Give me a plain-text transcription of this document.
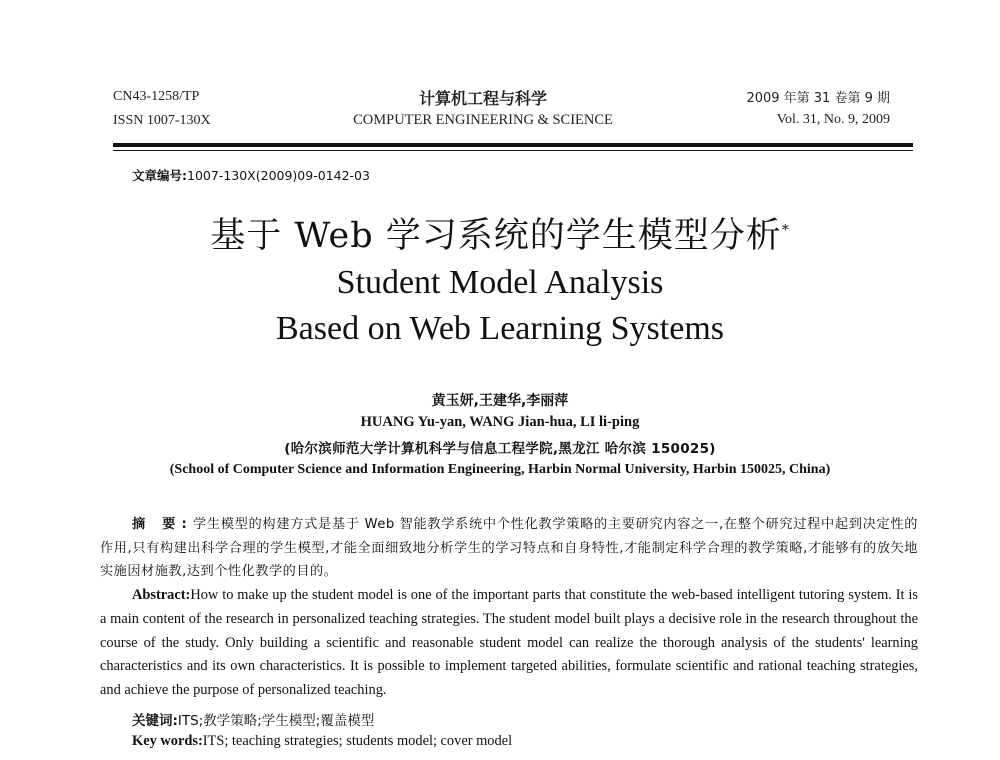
CN43-1258/TP
ISSN 1007-130X
计算机工程与科学
COMPUTER ENGINEERING & SCIENCE
2009 年第 31 卷第 9 期
Vol. 31, No. 9, 2009
文章编号:1007-130X(2009)09-0142-03
基于 Web 学习系统的学生模型分析*
Student Model Analysis
Based on Web Learning Systems
黄玉妍,王建华,李丽萍
HUANG Yu-yan, WANG Jian-hua, LI li-ping
(哈尔滨师范大学计算机科学与信息工程学院,黑龙江 哈尔滨 150025)
(School of Computer Science and Information Engineering, Harbin Normal University, Harbin 150025, China)
摘 要:学生模型的构建方式是基于 Web 智能教学系统中个性化教学策略的主要研究内容之一,在整个研究过程中起到决定性的作用,只有构建出科学合理的学生模型,才能全面细致地分析学生的学习特点和自身特性,才能制定科学合理的教学策略,才能够有的放矢地实施因材施教,达到个性化教学的目的。
Abstract:How to make up the student model is one of the important parts that constitute the web-based intelligent tutoring system. It is a main content of the research in personalized teaching strategies. The student model built plays a decisive role in the research throughout the course of the study. Only building a scientific and reasonable student model can realize the thorough analysis of the students' learning characteristics and its own characteristics. It is possible to implement targeted abilities, formulate scientific and rational teaching strategies, and achieve the purpose of personalized teaching.
关键词:ITS;教学策略;学生模型;覆盖模型
Key words:ITS; teaching strategies; students model; cover model
